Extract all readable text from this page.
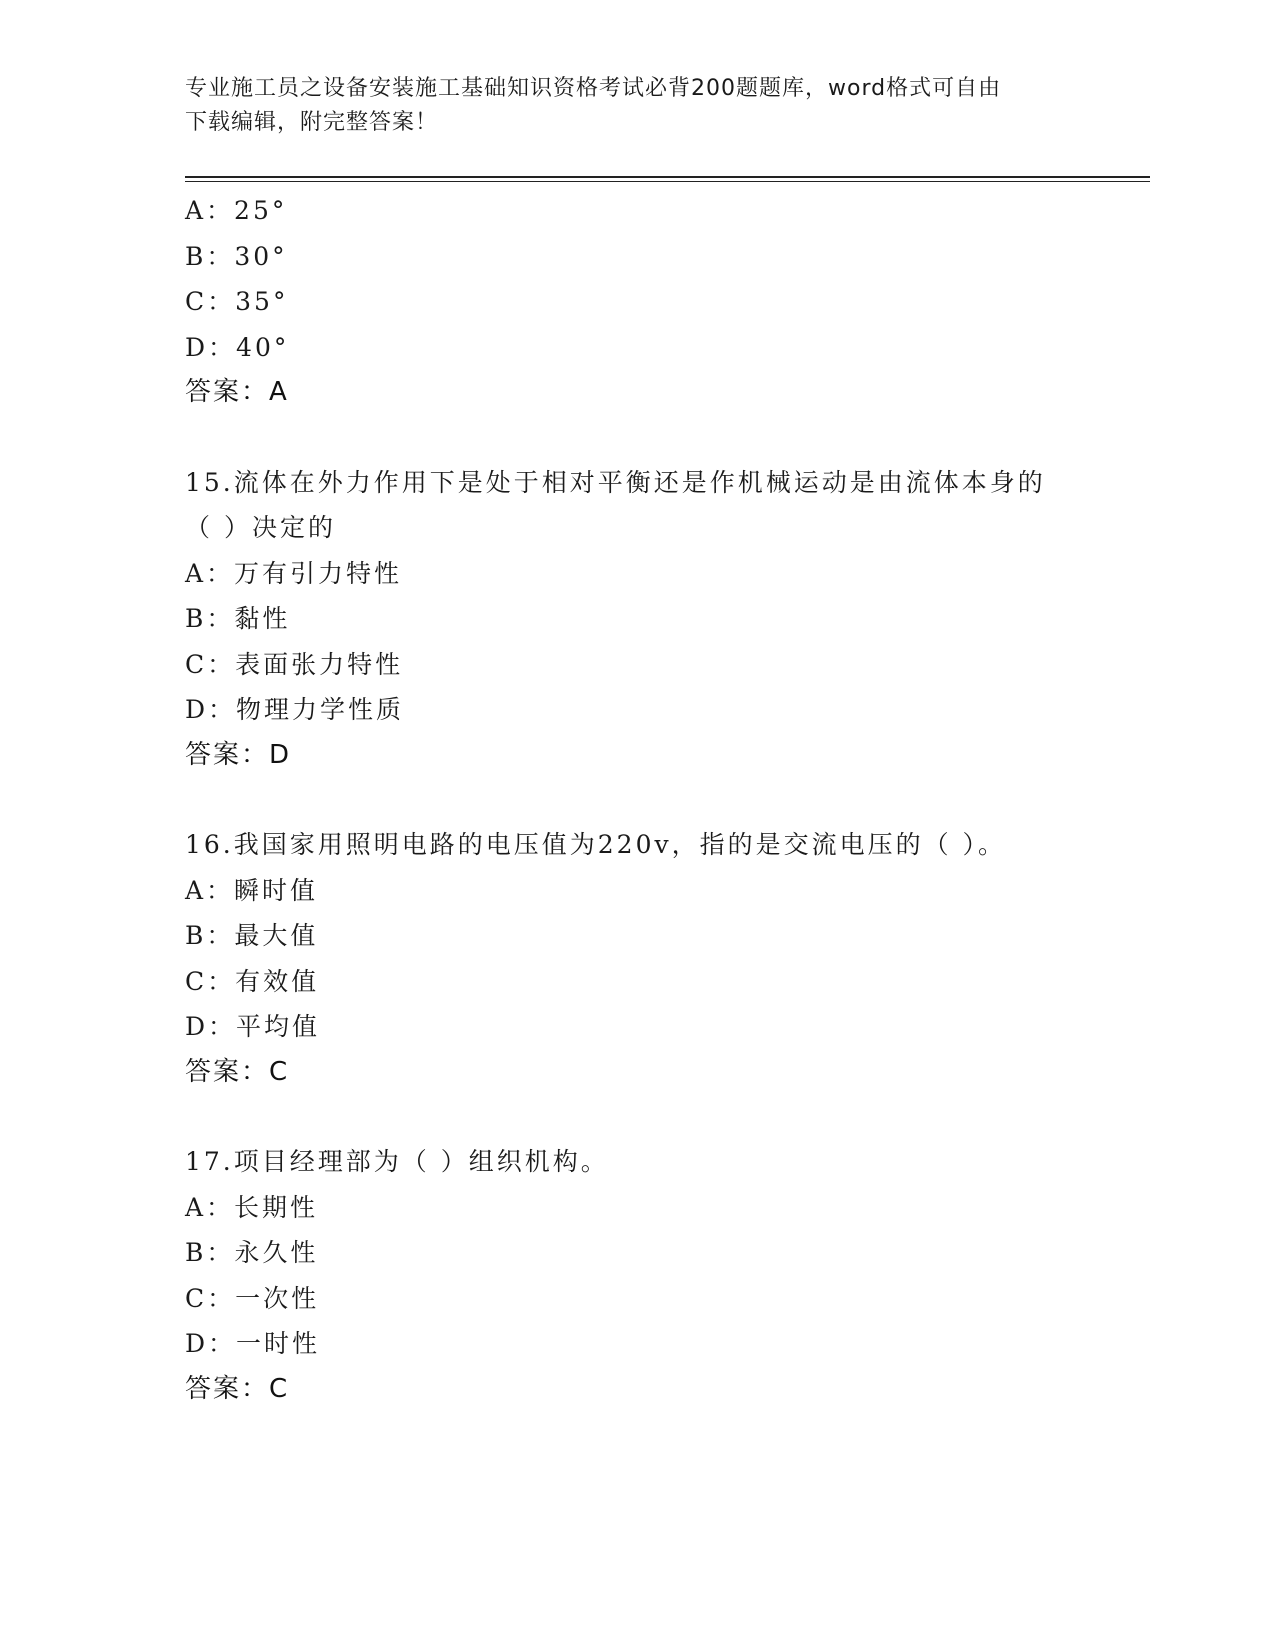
专业施工员之设备安装施工基础知识资格考试必背200题题库，word格式可自由
下载编辑，附完整答案！
A：25°
B：30°
C：35°
D：40°
答案：A
15.流体在外力作用下是处于相对平衡还是作机械运动是由流体本身的
（ ）决定的
A：万有引力特性
B：黏性
C：表面张力特性
D：物理力学性质
答案：D
16.我国家用照明电路的电压值为220v，指的是交流电压的（ ）。
A：瞬时值
B：最大值
C：有效值
D：平均值
答案：C
17.项目经理部为（ ）组织机构。
A：长期性
B：永久性
C：一次性
D：一时性
答案：C
